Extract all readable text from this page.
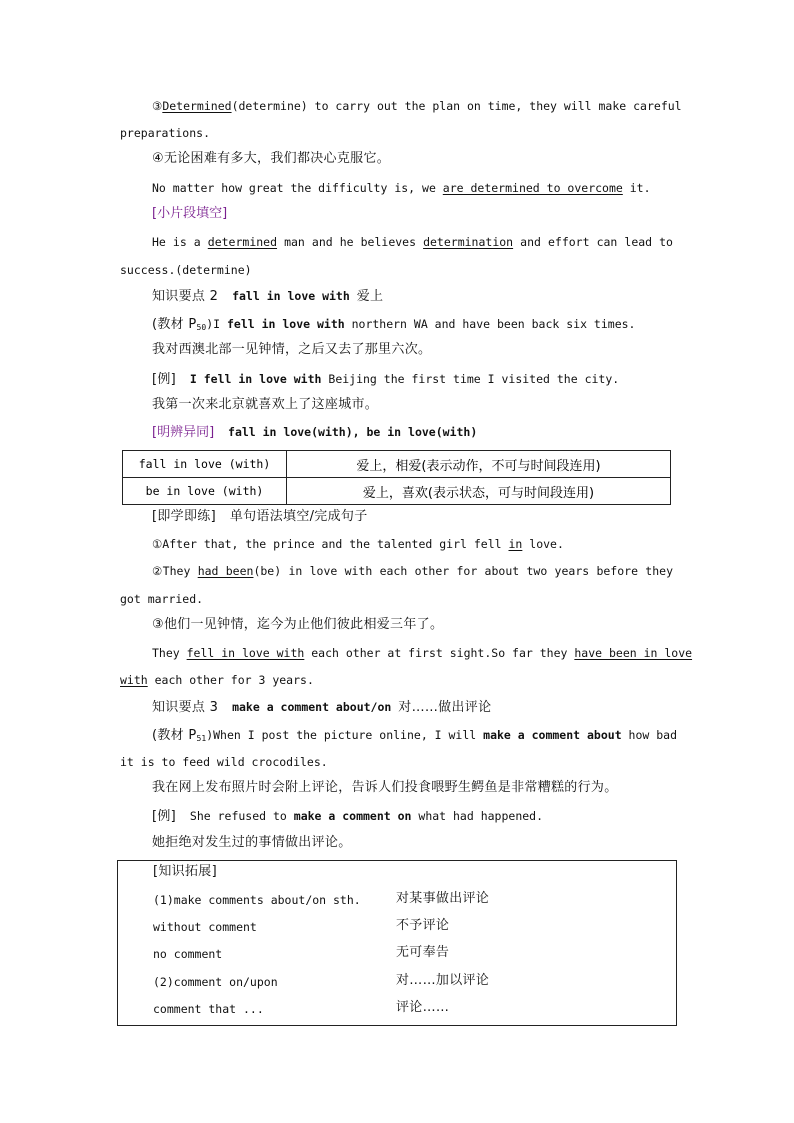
③Determined(determine) to carry out the plan on time, they will make careful
preparations.
④无论困难有多大，我们都决心克服它。
No matter how great the difficulty is, we are determined to overcome it.
[小片段填空]
He is a determined man and he believes determination and effort can lead to
success.(determine)
知识要点 2 fall in love with 爱上
(教材 $P_{50})I$ fell in love with northern WA and have been back six times.
我对西澳北部一见钟情，之后又去了那里六次。
[例] I fell in love with Beijing the first time I visited the city.
我第一次来北京就喜欢上了这座城市。
[明辨异同] fall in love(with), be in love(with)
fall in love (with)	爱上，相爱(表示动作，不可与时间段连用)
be in love (with)	爱上，喜欢(表示状态，可与时间段连用)
[即学即练] 单句语法填空/完成句子
①After that, the prince and the talented girl fell in love.
②They had been(be) in love with each other for about two years before they
got married.
③他们一见钟情，迄今为止他们彼此相爱三年了。
They fell in love with each other at first sight.So far they have been in love
with each other for 3 years.
知识要点 3 make a comment about/on 对……做出评论
(教材 $P_{51})When$ I post the picture online, I will make a comment about how bad
it is to feed wild crocodiles.
我在网上发布照片时会附上评论，告诉人们投食喂野生鳄鱼是非常糟糕的行为。
[例] She refused to make a comment on what had happened.
她拒绝对发生过的事情做出评论。
[知识拓展]
(1)make comments about/on sth.	对某事做出评论
without comment	不予评论
no comment	无可奉告
(2)comment on/upon	对……加以评论
comment that ...	评论……
